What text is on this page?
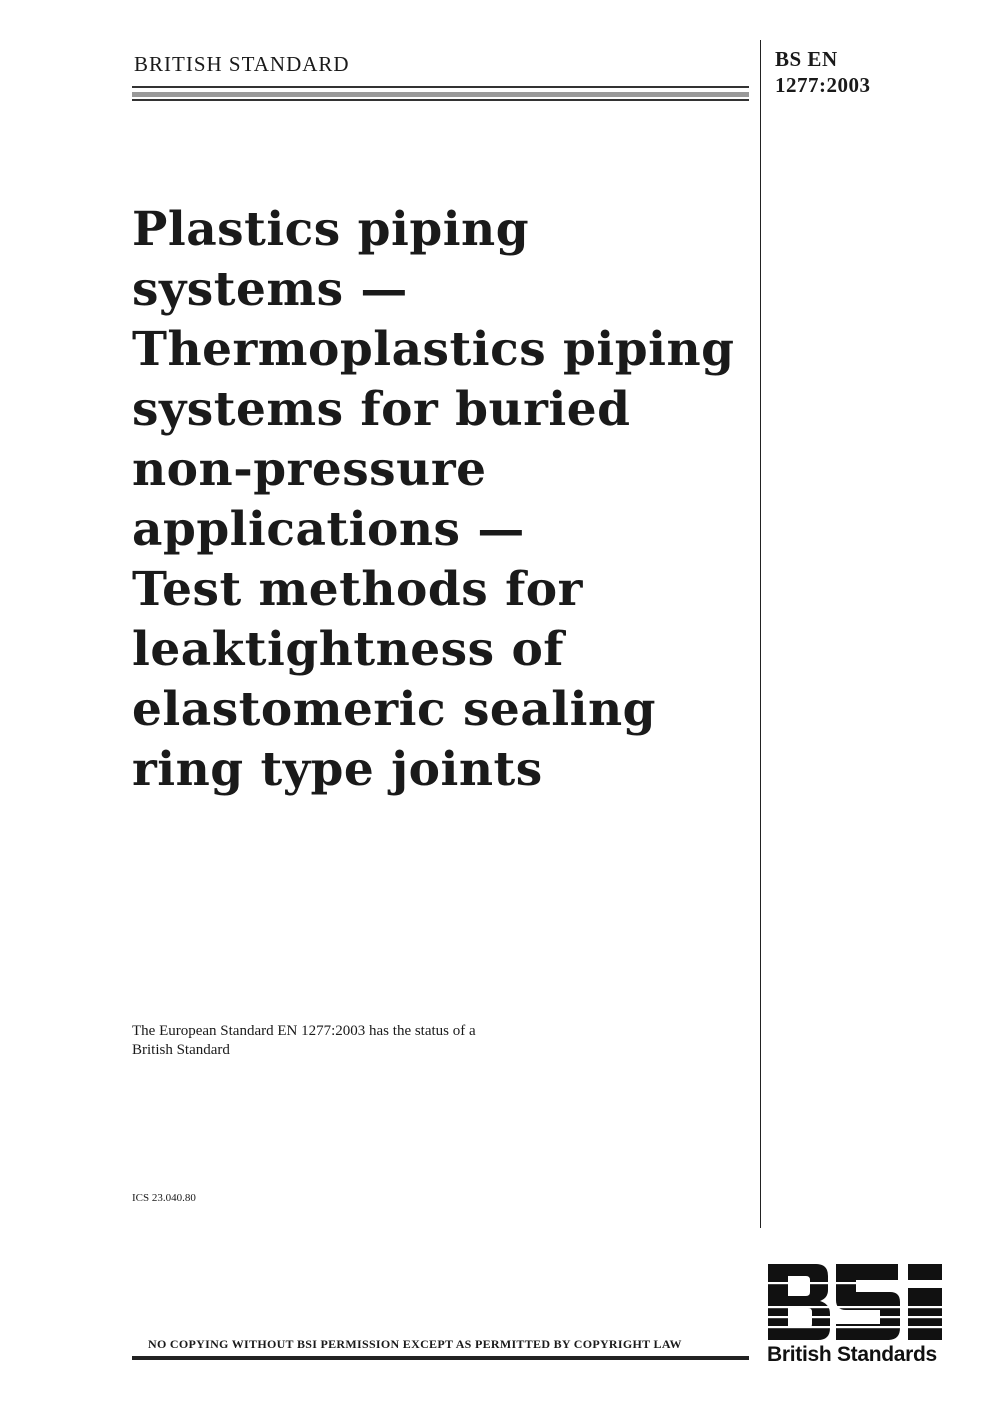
BRITISH STANDARD	BS EN
1277:2003
Plastics piping
systems —
Thermoplastics piping
systems for buried
non-pressure
applications —
Test methods for
leaktightness of
elastomeric sealing
ring type joints
The European Standard EN 1277:2003 has the status of a
British Standard
ICS 23.040.80
NO COPYING WITHOUT BSI PERMISSION EXCEPT AS PERMITTED BY COPYRIGHT LAW	British Standards
